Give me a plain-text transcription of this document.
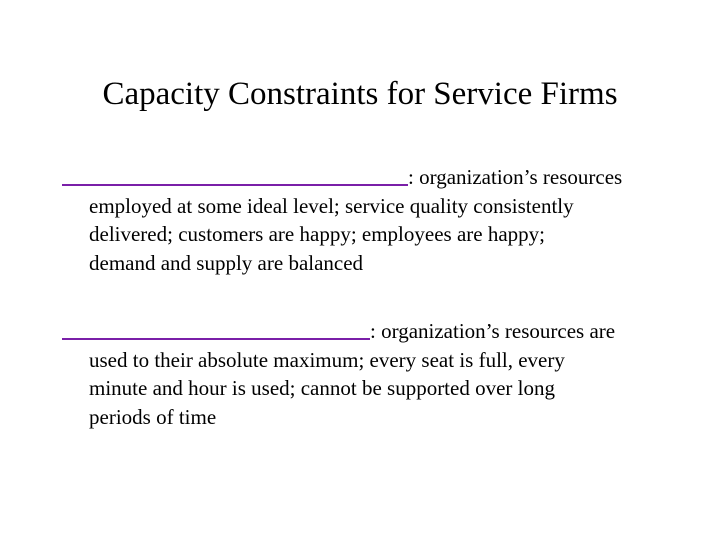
Capacity Constraints for Service Firms
: organization’s resources
employed at some ideal level; service quality consistently
delivered; customers are happy; employees are happy;
demand and supply are balanced
: organization’s resources are
used to their absolute maximum; every seat is full, every
minute and hour is used; cannot be supported over long
periods of time
